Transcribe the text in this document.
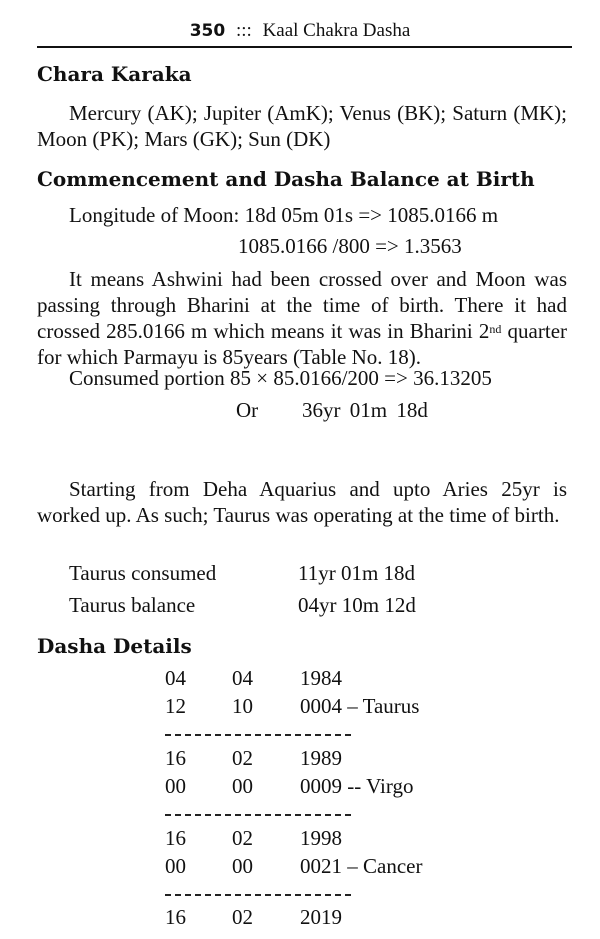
350 ::: Kaal Chakra Dasha
Chara Karaka
Mercury (AK); Jupiter (AmK); Venus (BK); Saturn (MK); Moon (PK); Mars (GK); Sun (DK)
Commencement and Dasha Balance at Birth
Longitude of Moon: 18d 05m 01s => 1085.0166 m
1085.0166 /800 => 1.3563
It means Ashwini had been crossed over and Moon was passing through Bharini at the time of birth. There it had crossed 285.0166 m which means it was in Bharini 2nd quarter for which Parmayu is 85years (Table No. 18).
Consumed portion 85 × 85.0166/200 => 36.13205
Or 36yr 01m 18d
Starting from Deha Aquarius and upto Aries 25yr is worked up. As such; Taurus was operating at the time of birth.
Taurus consumed	11yr 01m 18d
Taurus balance	04yr 10m 12d
Dasha Details
04 04 1984
12 10 0004 – Taurus
16 02 1989
00 00 0009 -- Virgo
16 02 1998
00 00 0021 – Cancer
16 02 2019
